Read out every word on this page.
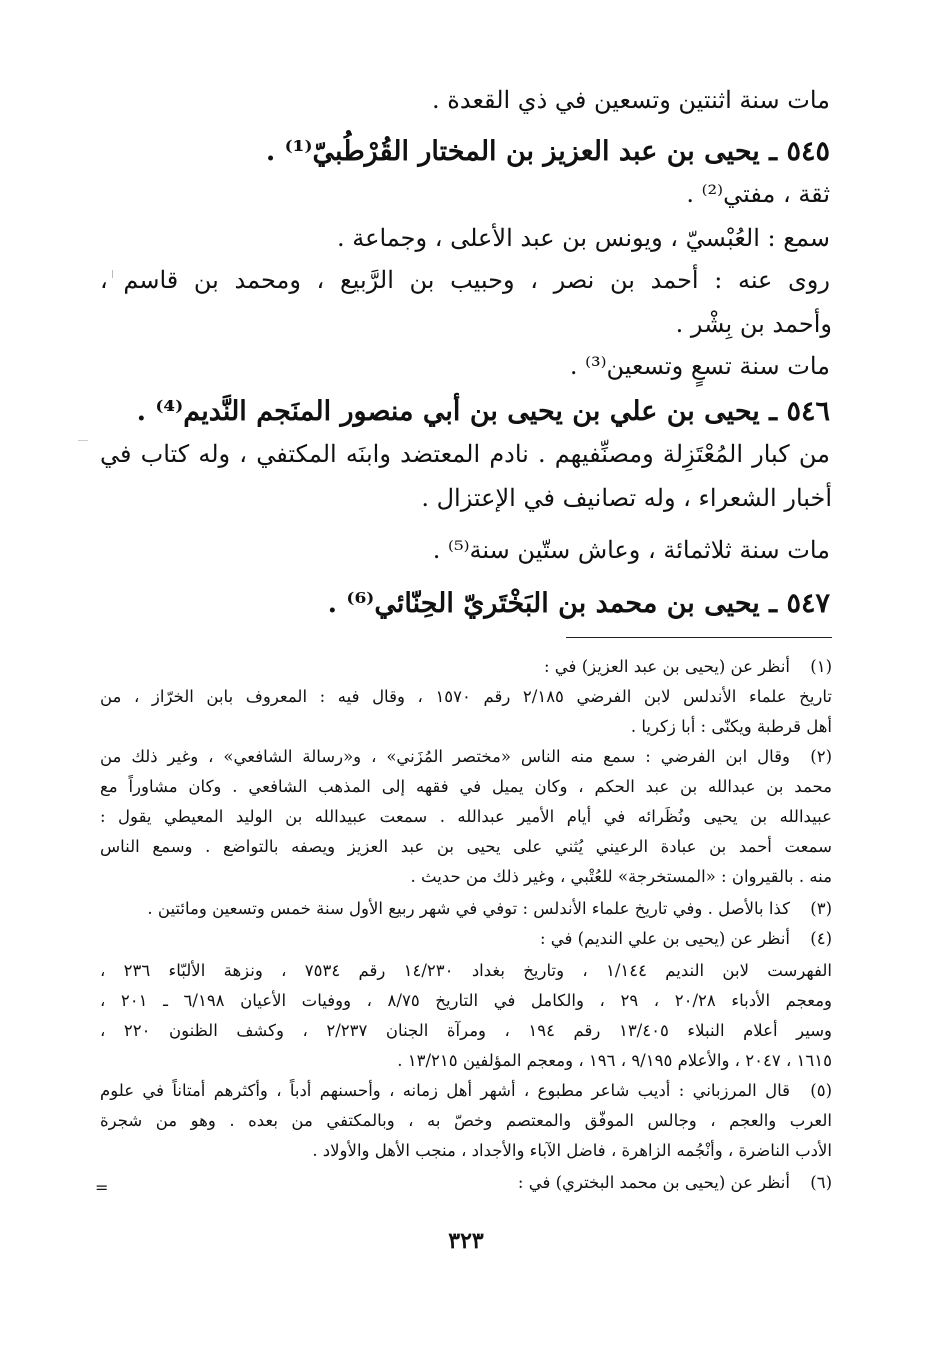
مات سنة اثنتين وتسعين في ذي القعدة .
٥٤٥ ـ يحيى بن عبد العزيز بن المختار القُرْطُبيّ⁽¹⁾ .
ثقة ، مفتي⁽²⁾ .
سمع : العُبْسيّ ، ويونس بن عبد الأعلى ، وجماعة .
روى عنه : أحمد بن نصر ، وحبيب بن الرَّبيع ، ومحمد بن قاسم ،
وأحمد بن بِشْر .
مات سنة تسعٍ وتسعين⁽³⁾ .
٥٤٦ ـ يحيى بن علي بن يحيى بن أبي منصور المنَجم النَّديم⁽⁴⁾ .
من كبار المُعْتَزِلة ومصنِّفيهم . نادم المعتضد وابنَه المكتفي ، وله كتاب في
أخبار الشعراء ، وله تصانيف في الإعتزال .
مات سنة ثلاثمائة ، وعاش ستّين سنة⁽⁵⁾ .
٥٤٧ ـ يحيى بن محمد بن البَخْتَريّ الحِنّائي⁽⁶⁾ .
(١)
أنظر عن (يحيى بن عبد العزيز) في :
تاريخ علماء الأندلس لابن الفرضي ٢/١٨٥ رقم ١٥٧٠ ، وقال فيه : المعروف بابن الخرّاز ، من
أهل قرطبة ويكنّى : أبا زكريا .
(٢)
وقال ابن الفرضي : سمع منه الناس «مختصر المُزَني» ، و«رسالة الشافعي» ، وغير ذلك من
محمد بن عبدالله بن عبد الحكم ، وكان يميل في فقهه إلى المذهب الشافعي . وكان مشاوراً مع
عبيدالله بن يحيى ونُظَرائه في أيام الأمير عبدالله . سمعت عبيدالله بن الوليد المعيطي يقول :
سمعت أحمد بن عبادة الرعيني يُثني على يحيى بن عبد العزيز ويصفه بالتواضع . وسمع الناس
منه . بالقيروان : «المستخرجة» للعُتْبي ، وغير ذلك من حديث .
(٣)
كذا بالأصل . وفي تاريخ علماء الأندلس : توفي في شهر ربيع الأول سنة خمس وتسعين ومائتين .
(٤)
أنظر عن (يحيى بن علي النديم) في :
الفهرست لابن النديم ١/١٤٤ ، وتاريخ بغداد ١٤/٢٣٠ رقم ٧٥٣٤ ، ونزهة الألبّاء ٢٣٦ ،
ومعجم الأدباء ٢٠/٢٨ ، ٢٩ ، والكامل في التاريخ ٨/٧٥ ، ووفيات الأعيان ٦/١٩٨ ـ ٢٠١ ،
وسير أعلام النبلاء ١٣/٤٠٥ رقم ١٩٤ ، ومرآة الجنان ٢/٢٣٧ ، وكشف الظنون ٢٢٠ ،
١٦١٥ ، ٢٠٤٧ ، والأعلام ٩/١٩٥ ، ١٩٦ ، ومعجم المؤلفين ١٣/٢١٥ .
(٥)
قال المرزباني : أديب شاعر مطبوع ، أشهر أهل زمانه ، وأحسنهم أدباً ، وأكثرهم أمتاناً في علوم
العرب والعجم ، وجالس الموفّق والمعتصم وخصّ به ، وبالمكتفي من بعده . وهو من شجرة
الأدب الناضرة ، وأنْجُمه الزاهرة ، فاضل الآباء والأجداد ، منجب الأهل والأولاد .
(٦)
أنظر عن (يحيى بن محمد البختري) في :
=
٣٢٣
